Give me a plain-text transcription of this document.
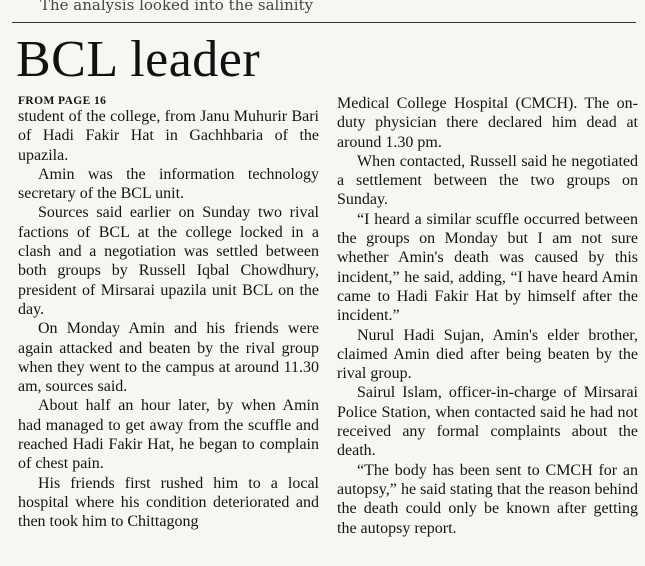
The analysis looked into the salinity
BCL leader
FROM PAGE 16

student of the college, from Janu Muhurir Bari of Hadi Fakir Hat in Gachhbaria of the upazila.

Amin was the information technology secretary of the BCL unit.

Sources said earlier on Sunday two rival factions of BCL at the college locked in a clash and a negotiation was settled between both groups by Russell Iqbal Chowdhury, president of Mirsarai upazila unit BCL on the day.

On Monday Amin and his friends were again attacked and beaten by the rival group when they went to the campus at around 11.30 am, sources said.

About half an hour later, by when Amin had managed to get away from the scuffle and reached Hadi Fakir Hat, he began to complain of chest pain.

His friends first rushed him to a local hospital where his condition deteriorated and then took him to Chittagong

Medical College Hospital (CMCH). The on-duty physician there declared him dead at around 1.30 pm.

When contacted, Russell said he negotiated a settlement between the two groups on Sunday.

“I heard a similar scuffle occurred between the groups on Monday but I am not sure whether Amin's death was caused by this incident,” he said, adding, “I have heard Amin came to Hadi Fakir Hat by himself after the incident.”

Nurul Hadi Sujan, Amin's elder brother, claimed Amin died after being beaten by the rival group.

Sairul Islam, officer-in-charge of Mirsarai Police Station, when contacted said he had not received any formal complaints about the death.

“The body has been sent to CMCH for an autopsy,” he said stating that the reason behind the death could only be known after getting the autopsy report.
